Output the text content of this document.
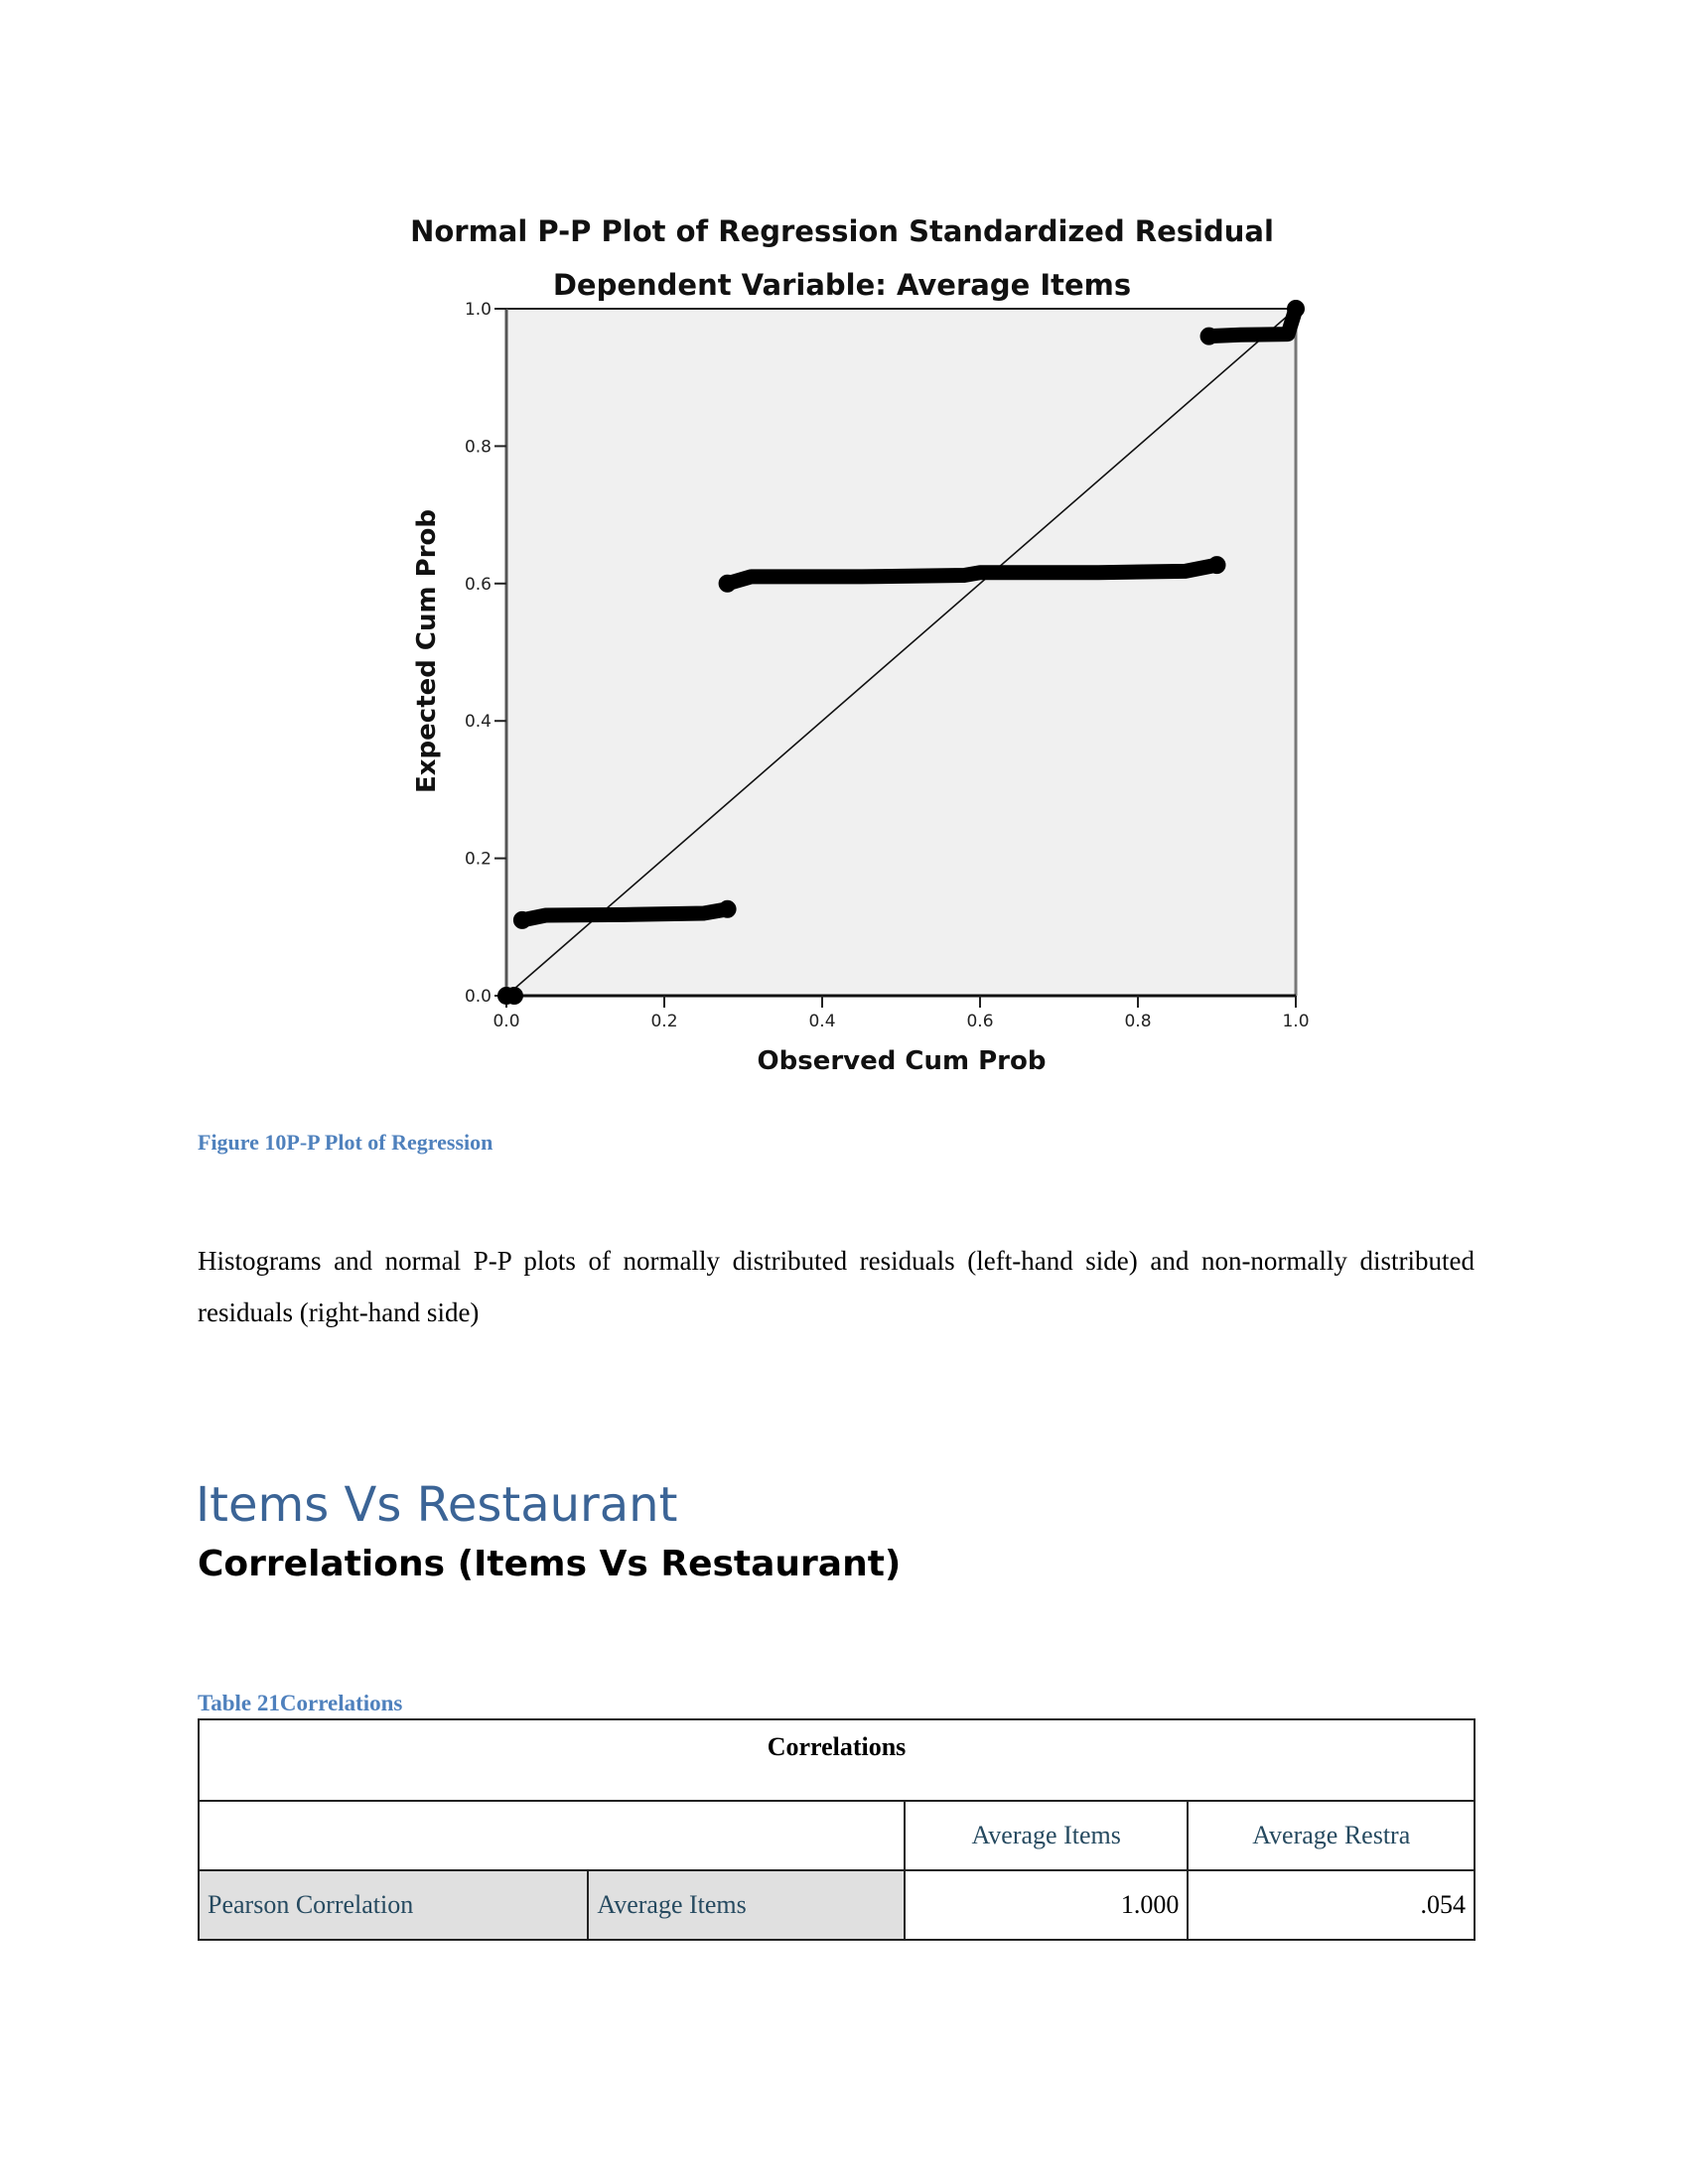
Normal P-P Plot of Regression Standardized Residual
Dependent Variable: Average Items
0.0
0.2
0.4
0.6
0.8
1.0
0.0	0.2	0.4	0.6	0.8	1.0
Observed Cum Prob
Expected Cum Prob
Figure 10P-P Plot of Regression
Histograms and normal P-P plots of normally distributed residuals (left-hand side) and non-normally distributed residuals (right-hand side)
Items Vs Restaurant
Correlations (Items Vs Restaurant)
Table 21Correlations
Correlations			
		Average Items	Average Restra
Pearson Correlation	Average Items	1.000	.054
